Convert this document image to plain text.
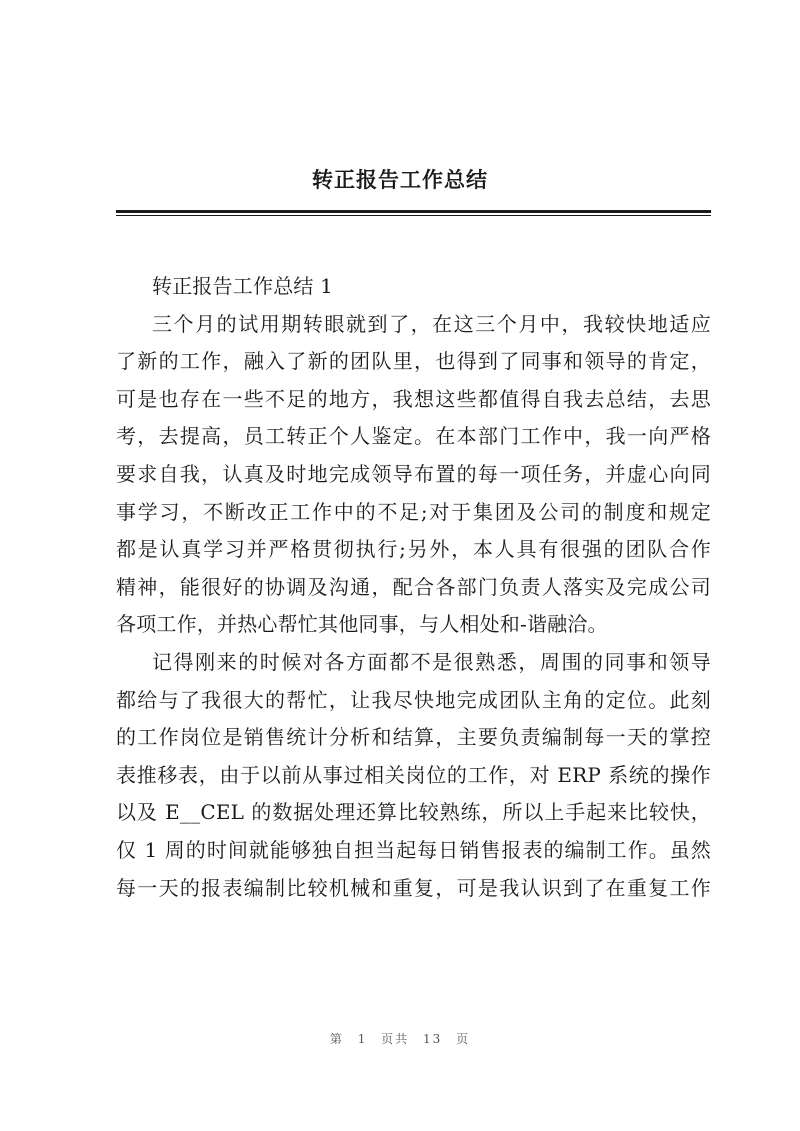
转正报告工作总结
转正报告工作总结 1
三个月的试用期转眼就到了，在这三个月中，我较快地适应
了新的工作，融入了新的团队里，也得到了同事和领导的肯定，
可是也存在一些不足的地方，我想这些都值得自我去总结，去思
考，去提高，员工转正个人鉴定。在本部门工作中，我一向严格
要求自我，认真及时地完成领导布置的每一项任务，并虚心向同
事学习，不断改正工作中的不足;对于集团及公司的制度和规定
都是认真学习并严格贯彻执行;另外，本人具有很强的团队合作
精神，能很好的协调及沟通，配合各部门负责人落实及完成公司
各项工作，并热心帮忙其他同事，与人相处和-谐融洽。
记得刚来的时候对各方面都不是很熟悉，周围的同事和领导
都给与了我很大的帮忙，让我尽快地完成团队主角的定位。此刻
的工作岗位是销售统计分析和结算，主要负责编制每一天的掌控
表推移表，由于以前从事过相关岗位的工作，对 ERP 系统的操作
以及 E__CEL 的数据处理还算比较熟练，所以上手起来比较快，
仅 1 周的时间就能够独自担当起每日销售报表的编制工作。虽然
每一天的报表编制比较机械和重复，可是我认识到了在重复工作
第 1 页共 13 页
